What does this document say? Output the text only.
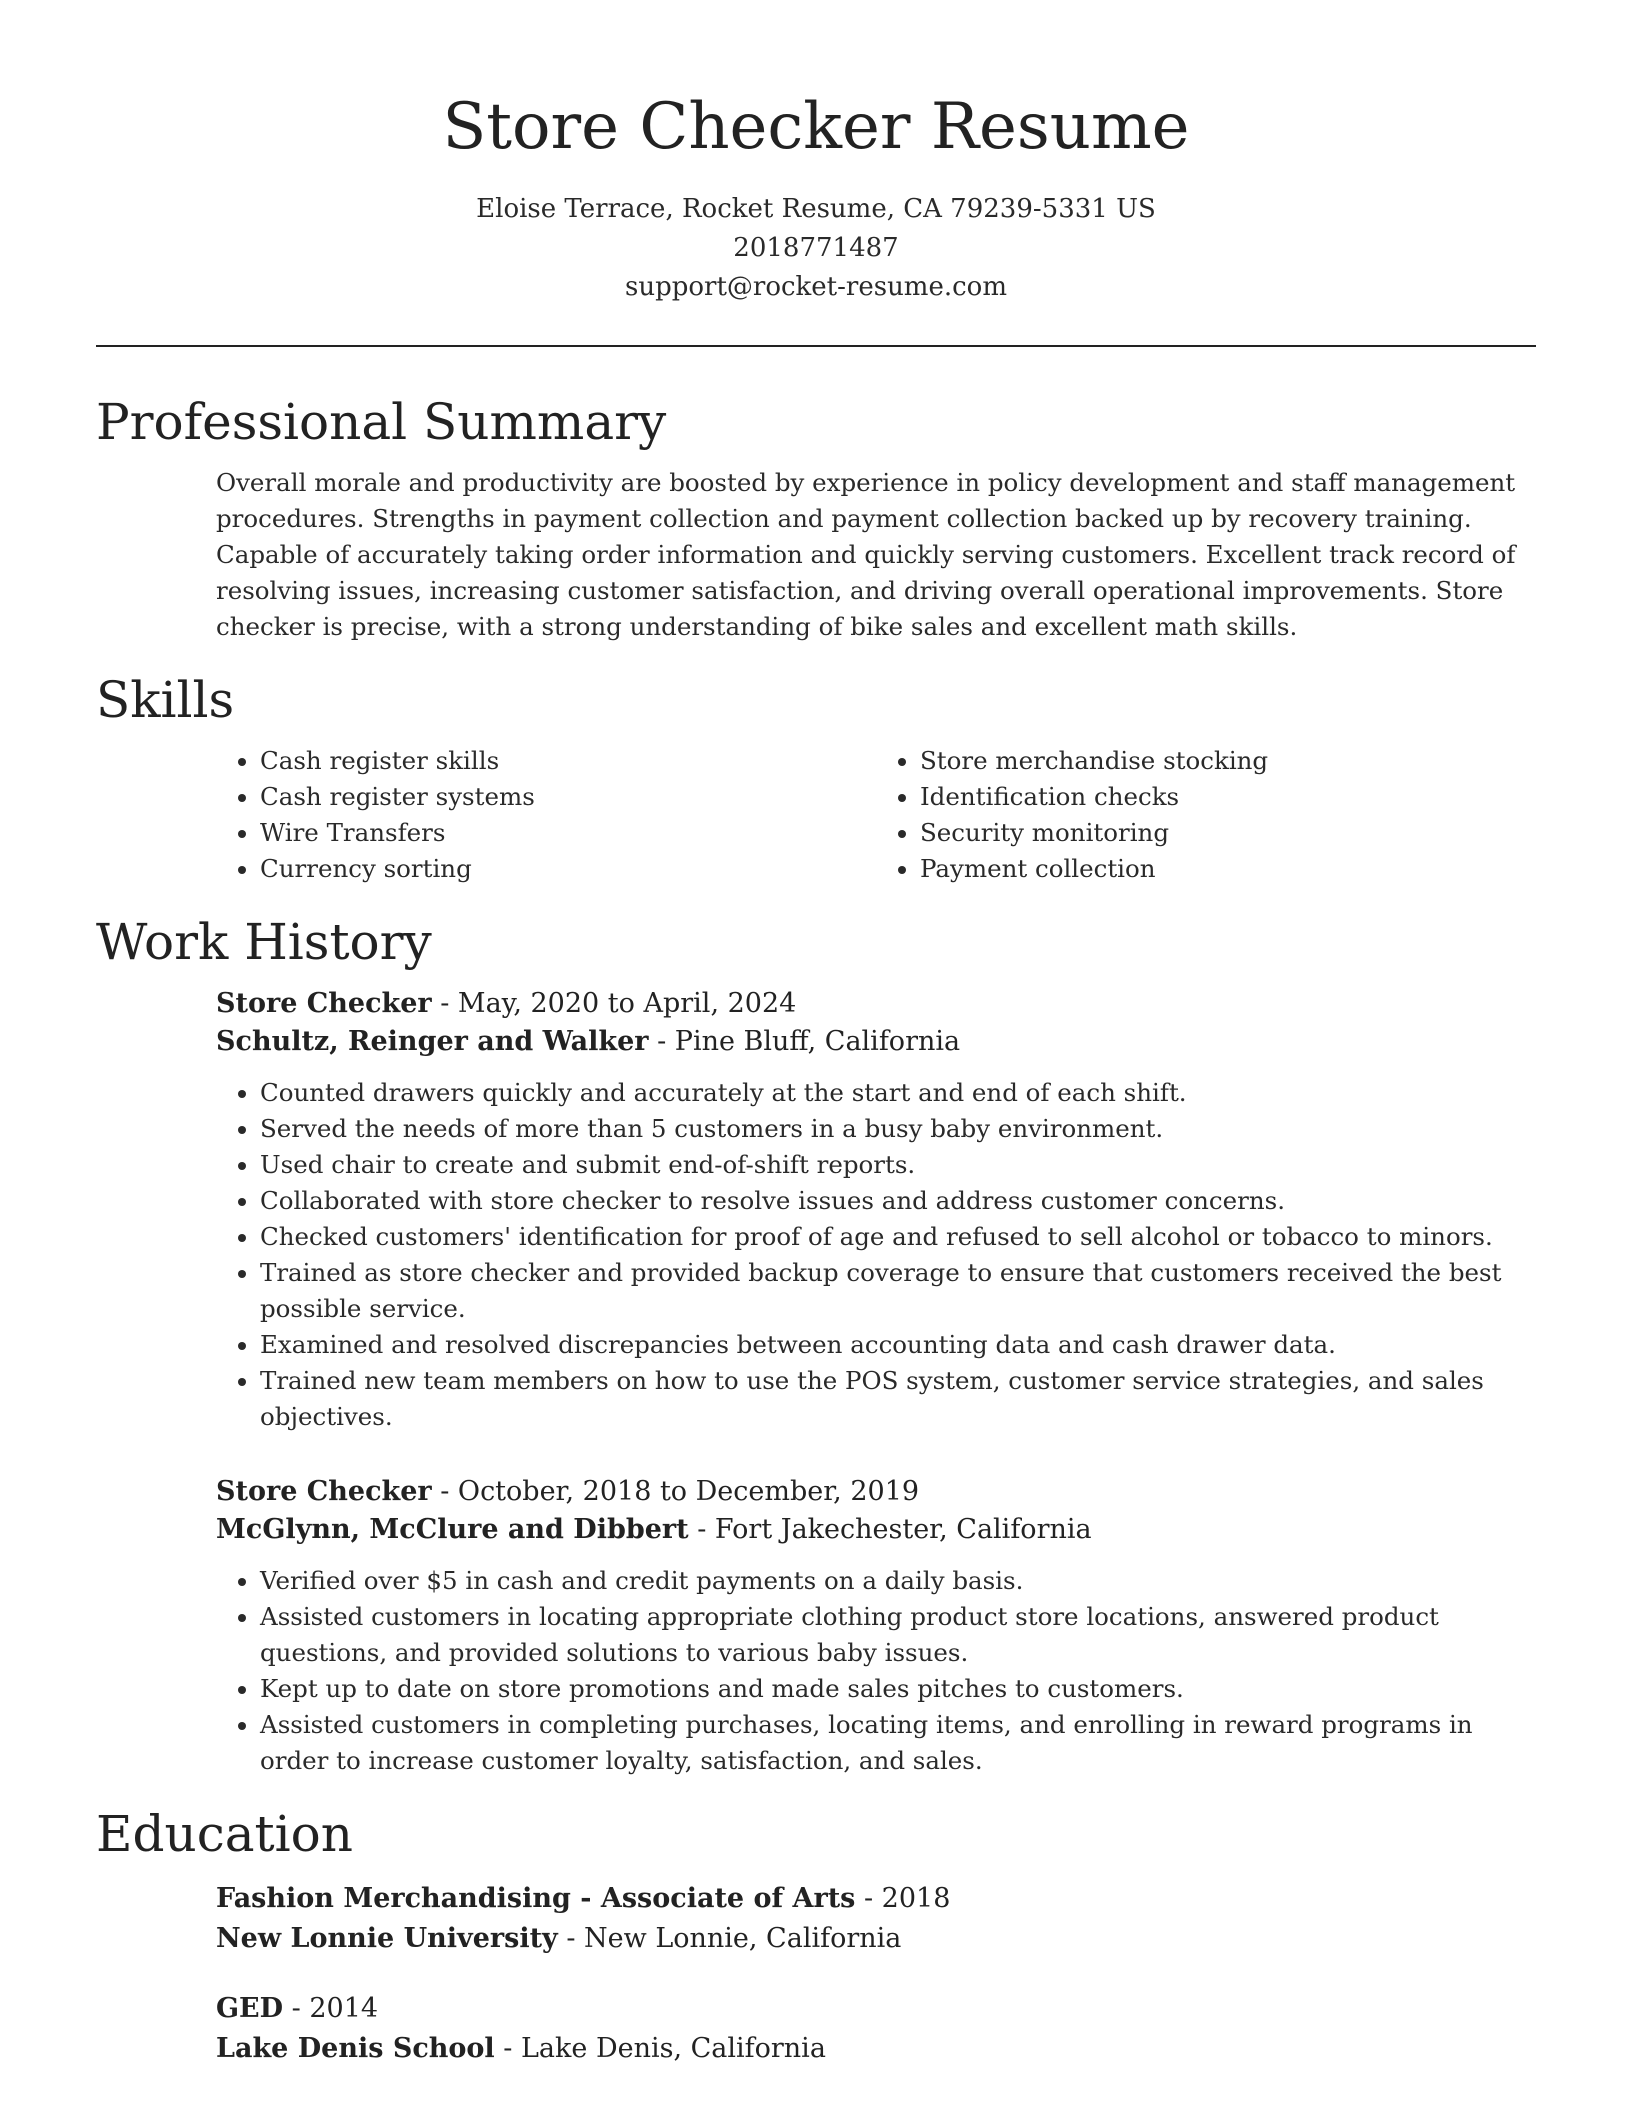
Store Checker Resume
Eloise Terrace, Rocket Resume, CA 79239-5331 US
2018771487
support@rocket-resume.com
Professional Summary
Overall morale and productivity are boosted by experience in policy development and staff management procedures. Strengths in payment collection and payment collection backed up by recovery training. Capable of accurately taking order information and quickly serving customers. Excellent track record of resolving issues, increasing customer satisfaction, and driving overall operational improvements. Store checker is precise, with a strong understanding of bike sales and excellent math skills.
Skills
• Cash register skills
• Cash register systems
• Wire Transfers
• Currency sorting
• Store merchandise stocking
• Identification checks
• Security monitoring
• Payment collection
Work History
Store Checker - May, 2020 to April, 2024
Schultz, Reinger and Walker - Pine Bluff, California
• Counted drawers quickly and accurately at the start and end of each shift.
• Served the needs of more than 5 customers in a busy baby environment.
• Used chair to create and submit end-of-shift reports.
• Collaborated with store checker to resolve issues and address customer concerns.
• Checked customers' identification for proof of age and refused to sell alcohol or tobacco to minors.
• Trained as store checker and provided backup coverage to ensure that customers received the best possible service.
• Examined and resolved discrepancies between accounting data and cash drawer data.
• Trained new team members on how to use the POS system, customer service strategies, and sales objectives.
Store Checker - October, 2018 to December, 2019
McGlynn, McClure and Dibbert - Fort Jakechester, California
• Verified over $5 in cash and credit payments on a daily basis.
• Assisted customers in locating appropriate clothing product store locations, answered product questions, and provided solutions to various baby issues.
• Kept up to date on store promotions and made sales pitches to customers.
• Assisted customers in completing purchases, locating items, and enrolling in reward programs in order to increase customer loyalty, satisfaction, and sales.
Education
Fashion Merchandising - Associate of Arts - 2018
New Lonnie University - New Lonnie, California
GED - 2014
Lake Denis School - Lake Denis, California
